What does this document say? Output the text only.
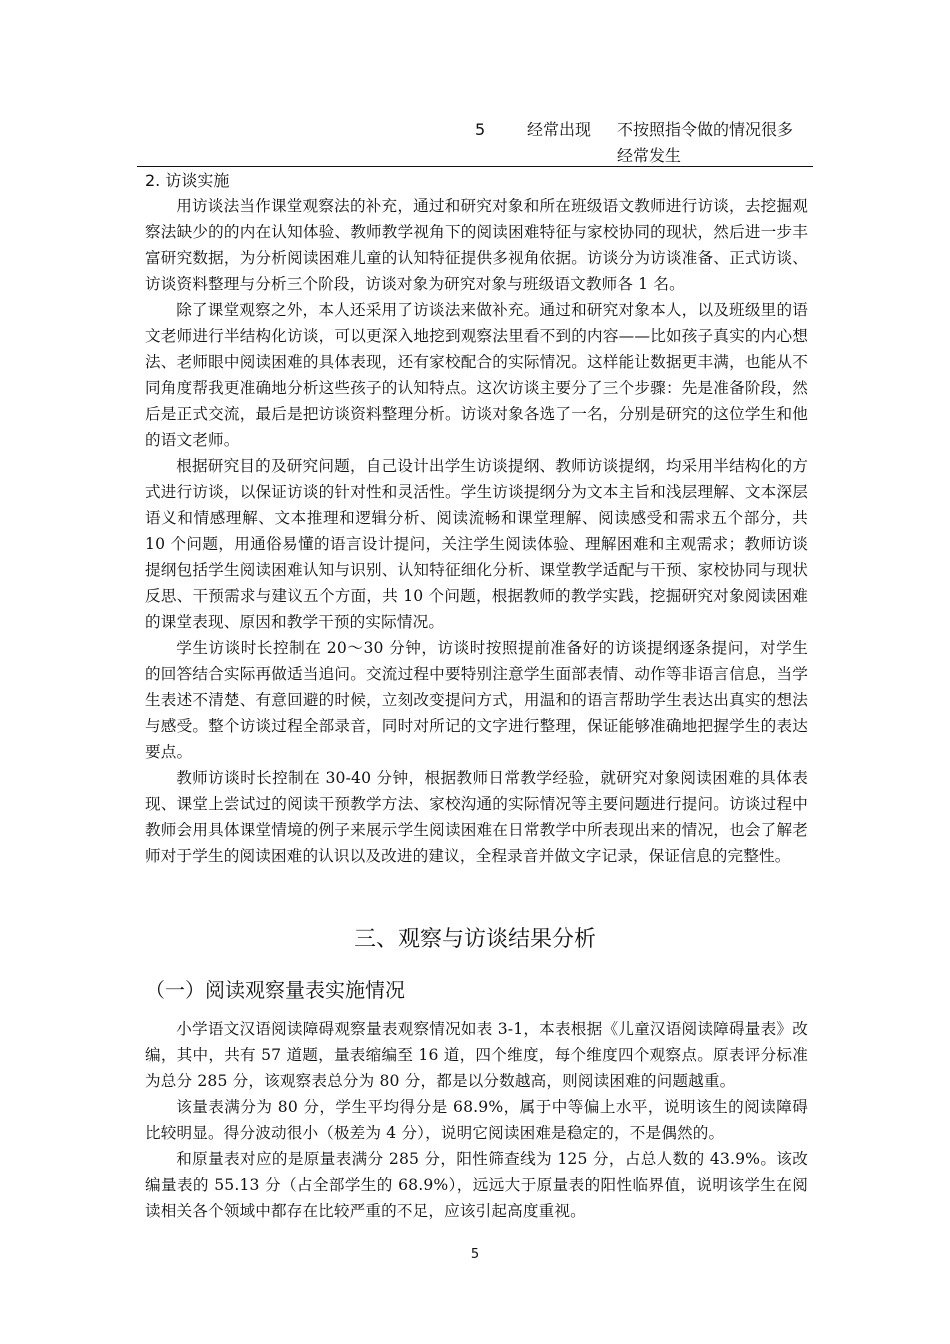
5	经常出现 不按照指令做的情况很多经常发生
2. 访谈实施

用访谈法当作课堂观察法的补充，通过和研究对象和所在班级语文教师进行访谈，去挖掘观察法缺少的的内在认知体验、教师教学视角下的阅读困难特征与家校协同的现状，然后进一步丰富研究数据，为分析阅读困难儿童的认知特征提供多视角依据。访谈分为访谈准备、正式访谈、访谈资料整理与分析三个阶段，访谈对象为研究对象与班级语文教师各 1 名。

除了课堂观察之外，本人还采用了访谈法来做补充。通过和研究对象本人，以及班级里的语文老师进行半结构化访谈，可以更深入地挖到观察法里看不到的内容——比如孩子真实的内心想法、老师眼中阅读困难的具体表现，还有家校配合的实际情况。这样能让数据更丰满，也能从不同角度帮我更准确地分析这些孩子的认知特点。这次访谈主要分了三个步骤：先是准备阶段，然后是正式交流，最后是把访谈资料整理分析。访谈对象各选了一名，分别是研究的这位学生和他的语文老师。

根据研究目的及研究问题，自己设计出学生访谈提纲、教师访谈提纲，均采用半结构化的方式进行访谈，以保证访谈的针对性和灵活性。学生访谈提纲分为文本主旨和浅层理解、文本深层语义和情感理解、文本推理和逻辑分析、阅读流畅和课堂理解、阅读感受和需求五个部分，共 10 个问题，用通俗易懂的语言设计提问，关注学生阅读体验、理解困难和主观需求；教师访谈提纲包括学生阅读困难认知与识别、认知特征细化分析、课堂教学适配与干预、家校协同与现状反思、干预需求与建议五个方面，共 10 个问题，根据教师的教学实践，挖掘研究对象阅读困难的课堂表现、原因和教学干预的实际情况。

学生访谈时长控制在 20～30 分钟，访谈时按照提前准备好的访谈提纲逐条提问，对学生的回答结合实际再做适当追问。交流过程中要特别注意学生面部表情、动作等非语言信息，当学生表述不清楚、有意回避的时候，立刻改变提问方式，用温和的语言帮助学生表达出真实的想法与感受。整个访谈过程全部录音，同时对所记的文字进行整理，保证能够准确地把握学生的表达要点。

教师访谈时长控制在 30-40 分钟，根据教师日常教学经验，就研究对象阅读困难的具体表现、课堂上尝试过的阅读干预教学方法、家校沟通的实际情况等主要问题进行提问。访谈过程中教师会用具体课堂情境的例子来展示学生阅读困难在日常教学中所表现出来的情况，也会了解老师对于学生的阅读困难的认识以及改进的建议，全程录音并做文字记录，保证信息的完整性。

三、观察与访谈结果分析
（一）阅读观察量表实施情况

小学语文汉语阅读障碍观察量表观察情况如表 3-1，本表根据《儿童汉语阅读障碍量表》改编，其中，共有 57 道题，量表缩编至 16 道，四个维度，每个维度四个观察点。原表评分标准为总分 285 分，该观察表总分为 80 分，都是以分数越高，则阅读困难的问题越重。

该量表满分为 80 分，学生平均得分是 68.9%，属于中等偏上水平，说明该生的阅读障碍比较明显。得分波动很小（极差为 4 分），说明它阅读困难是稳定的，不是偶然的。

和原量表对应的是原量表满分 285 分，阳性筛查线为 125 分，占总人数的 43.9%。该改编量表的 55.13 分（占全部学生的 68.9%），远远大于原量表的阳性临界值，说明该学生在阅读相关各个领域中都存在比较严重的不足，应该引起高度重视。

5
